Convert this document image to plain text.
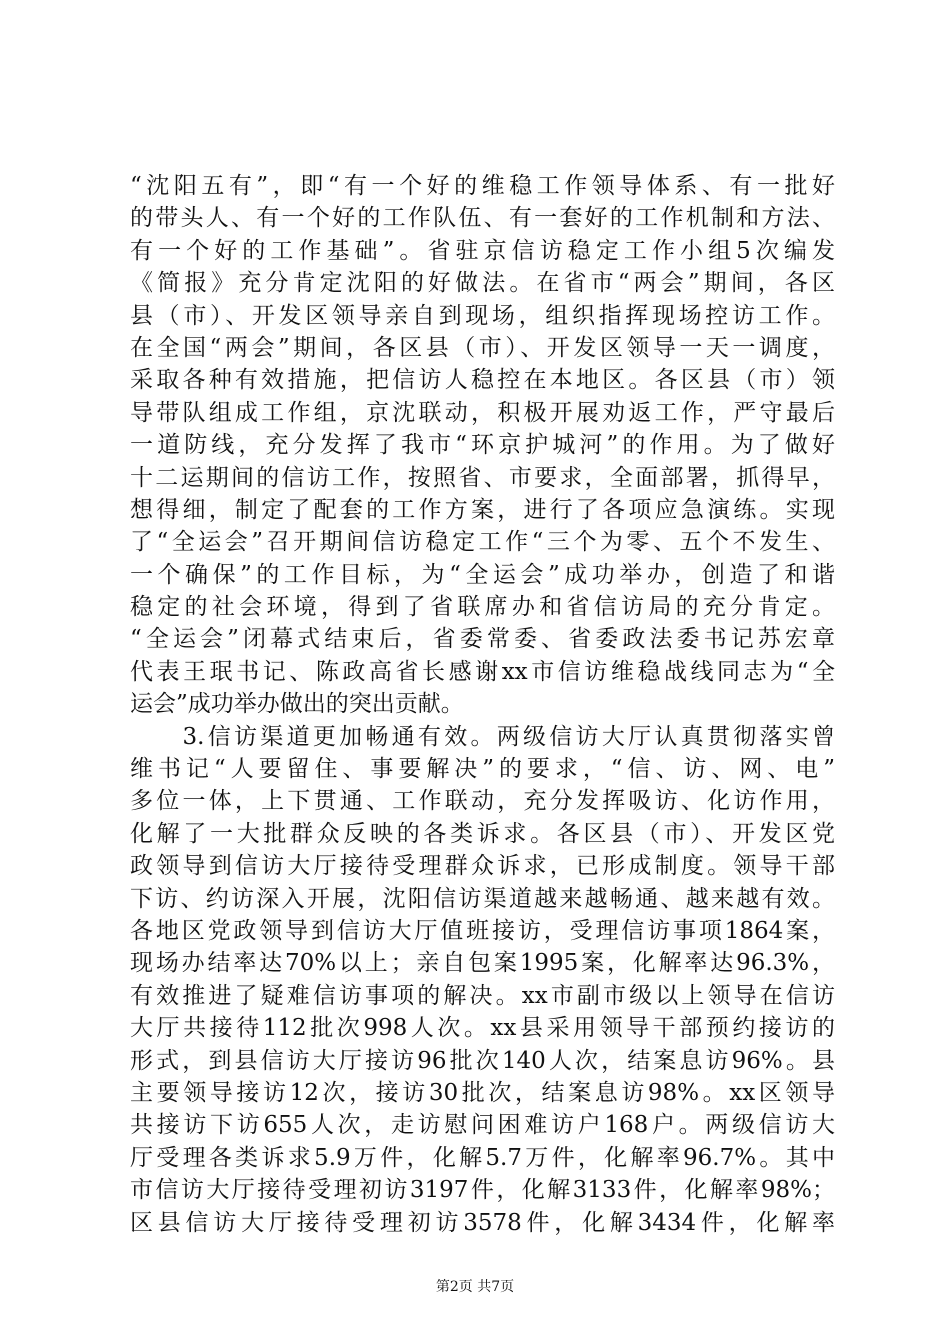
“沈阳五有”，即“有一个好的维稳工作领导体系、有一批好
的带头人、有一个好的工作队伍、有一套好的工作机制和方法、
有一个好的工作基础”。省驻京信访稳定工作小组5次编发
《简报》充分肯定沈阳的好做法。在省市“两会”期间，各区
县（市）、开发区领导亲自到现场，组织指挥现场控访工作。
在全国“两会”期间，各区县（市）、开发区领导一天一调度，
采取各种有效措施，把信访人稳控在本地区。各区县（市）领
导带队组成工作组，京沈联动，积极开展劝返工作，严守最后
一道防线，充分发挥了我市“环京护城河”的作用。为了做好
十二运期间的信访工作，按照省、市要求，全面部署，抓得早，
想得细，制定了配套的工作方案，进行了各项应急演练。实现
了“全运会”召开期间信访稳定工作“三个为零、五个不发生、
一个确保”的工作目标，为“全运会”成功举办，创造了和谐
稳定的社会环境，得到了省联席办和省信访局的充分肯定。
“全运会”闭幕式结束后，省委常委、省委政法委书记苏宏章
代表王珉书记、陈政高省长感谢xx市信访维稳战线同志为“全
运会”成功举办做出的突出贡献。
　　3.信访渠道更加畅通有效。两级信访大厅认真贯彻落实曾
维书记“人要留住、事要解决”的要求，“信、访、网、电”
多位一体，上下贯通、工作联动，充分发挥吸访、化访作用，
化解了一大批群众反映的各类诉求。各区县（市）、开发区党
政领导到信访大厅接待受理群众诉求，已形成制度。领导干部
下访、约访深入开展，沈阳信访渠道越来越畅通、越来越有效。
各地区党政领导到信访大厅值班接访，受理信访事项1864案，
现场办结率达70%以上；亲自包案1995案，化解率达96.3%，
有效推进了疑难信访事项的解决。xx市副市级以上领导在信访
大厅共接待112批次998人次。xx县采用领导干部预约接访的
形式，到县信访大厅接访96批次140人次，结案息访96%。县
主要领导接访12次，接访30批次，结案息访98%。xx区领导
共接访下访655人次，走访慰问困难访户168户。两级信访大
厅受理各类诉求5.9万件，化解5.7万件，化解率96.7%。其中
市信访大厅接待受理初访3197件，化解3133件，化解率98%；
区县信访大厅接待受理初访3578件，化解3434件，化解率
第2页 共7页
